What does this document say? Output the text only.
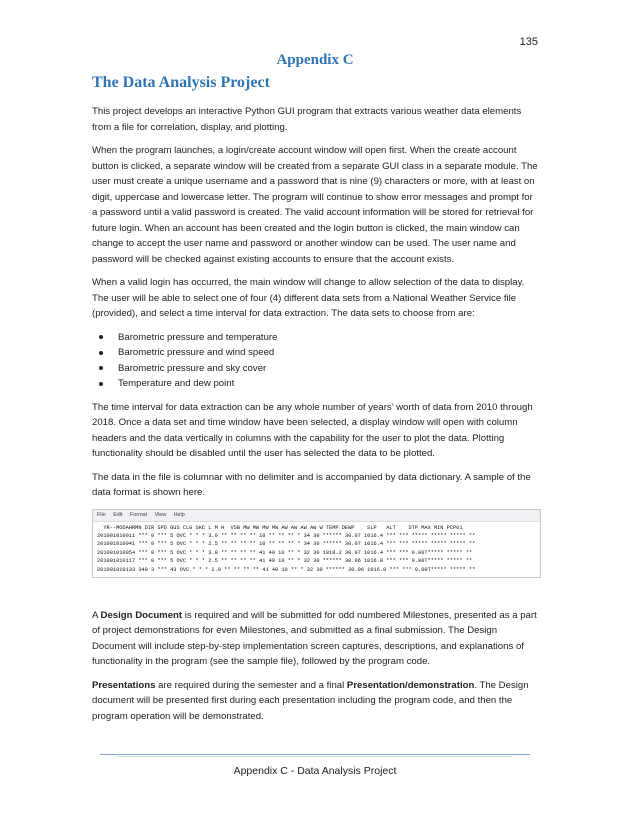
135
Appendix C
The Data Analysis Project

This project develops an interactive Python GUI program that extracts various weather data elements from a file for correlation, display, and plotting.

When the program launches, a login/create account window will open first. When the create account button is clicked, a separate window will be created from a separate GUI class in a separate module. The user must create a unique username and a password that is nine (9) characters or more, with at least on digit, uppercase and lowercase letter. The program will continue to show error messages and prompt for a password until a valid password is created. The valid account information will be stored for retrieval for future login. When an account has been created and the login button is clicked, the main window can change to accept the user name and password or another window can be used. The user name and password will be checked against existing accounts to ensure that the account exists.

When a valid login has occurred, the main window will change to allow selection of the data to display. The user will be able to select one of four (4) different data sets from a National Weather Service file (provided), and select a time interval for data extraction. The data sets to choose from are:

Barometric pressure and temperature
Barometric pressure and wind speed
Barometric pressure and sky cover
Temperature and dew point

The time interval for data extraction can be any whole number of years’ worth of data from 2010 through 2018. Once a data set and time window have been selected, a display window will open with column headers and the data vertically in columns with the capability for the user to plot the data. Plotting functionality should be disabled until the user has selected the data to be plotted.

The data in the file is columnar with no delimiter and is accompanied by data dictionary. A sample of the data format is shown here.

File Edit Format View Help
YR--MODAHRMN DIR SPD GUS CLG SKC L M H  VSB MW MW MW MW AW AW AW AW W TEMP DEWP    SLP   ALT    STP MAX MIN PCP01
201001010011 *** 0 *** 5 OVC * * * 3.0 ** ** ** ** 10 ** ** ** * 34 30 ****** 30.07 1016.4 *** *** ***** ***** ***** **
201001010041 *** 0 *** 5 OVC * * * 2.5 ** ** ** ** 10 ** ** ** * 34 30 ****** 30.07 1016.4 *** *** ***** ***** ***** **
201001010054 *** 0 *** 5 OVC * * * 3.0 ** ** ** ** 41 40 10 ** * 32 30 1018.2 30.07 1016.4 *** *** 0.00T***** ***** **
201001010117 *** 0 *** 5 OVC * * * 2.5 ** ** ** ** 41 40 10 ** * 32 30 ****** 30.06 1016.0 *** *** 0.00T***** ***** **
201001010133 340 3 *** 43 OVC * * * 2.0 ** ** ** ** 41 40 10 ** * 32 30 ****** 30.06 1016.0 *** *** 0.00T***** ***** **

A Design Document is required and will be submitted for odd numbered Milestones, presented as a part of project demonstrations for even Milestones, and submitted as a final submission. The Design Document will include step-by-step implementation screen captures, descriptions, and explanations of functionality in the program (see the sample file), followed by the program code.

Presentations are required during the semester and a final Presentation/demonstration. The Design document will be presented first during each presentation including the program code, and then the program operation will be demonstrated.

Appendix C - Data Analysis Project
